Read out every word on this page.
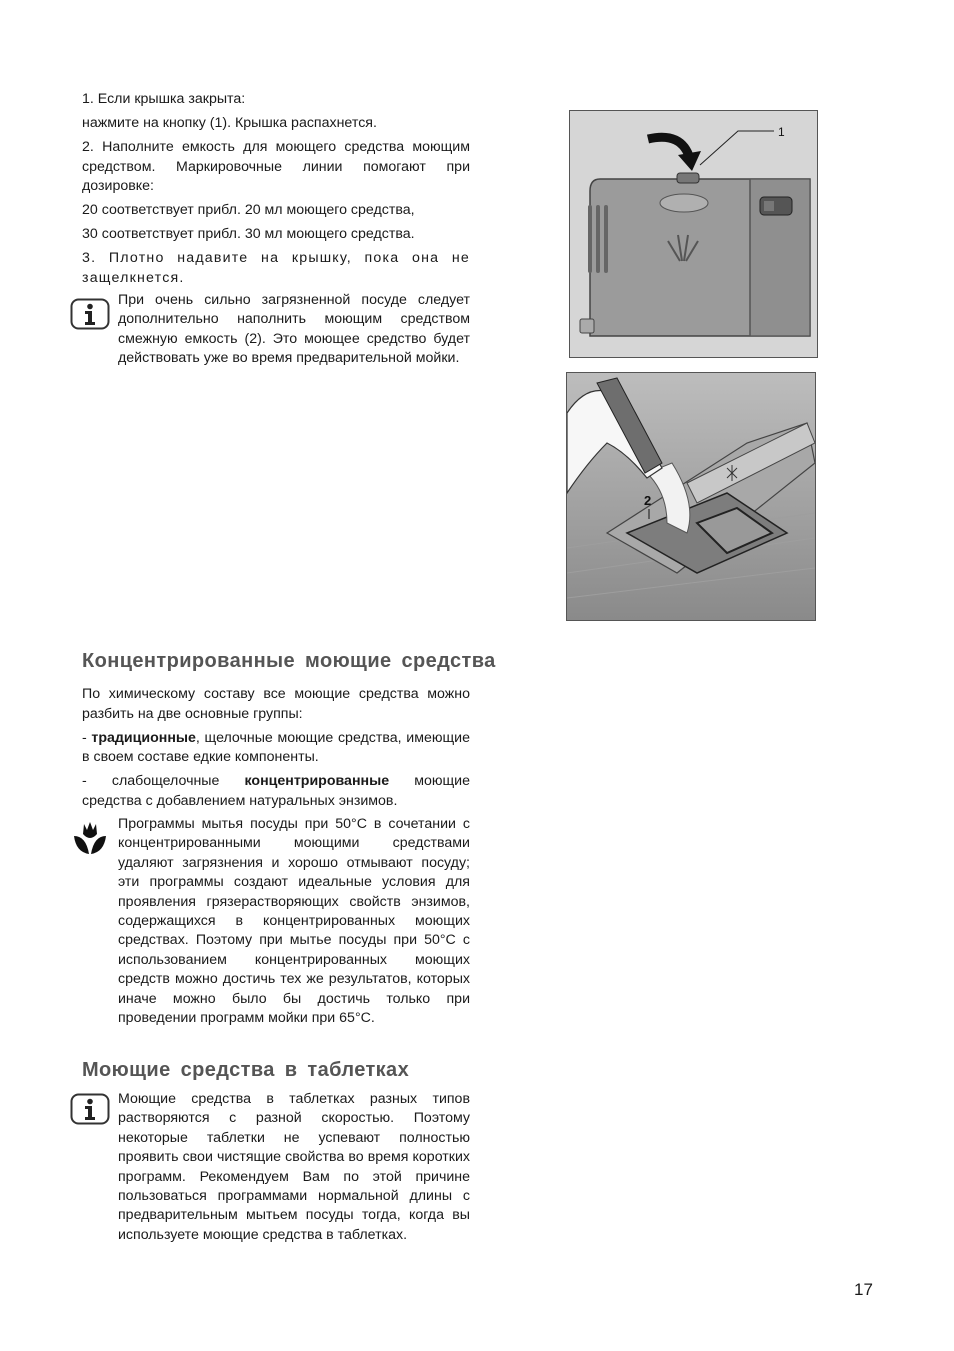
1. Если крышка закрыта:

нажмите на кнопку (1). Крышка распахнется.

2. Наполните емкость для моющего средства моющим средством. Маркировочные линии помогают при дозировке:

20 соответствует прибл. 20 мл моющего средства,

30 соответствует прибл. 30 мл моющего средства.

3. Плотно надавите на крышку, пока она не защелкнется.

При очень сильно загрязненной посуде следует дополнительно наполнить моющим средством смежную емкость (2). Это моющее средство будет действовать уже во время предварительной мойки.
1
2
Концентрированные моющие средства

По химическому составу все моющие средства можно разбить на две основные группы:

- традиционные, щелочные моющие средства, имеющие в своем составе едкие компоненты.

- слабощелочные концентрированные моющие средства с добавлением натуральных энзимов.

Программы мытья посуды при 50°C в сочетании с концентрированными моющими средствами удаляют загрязнения и хорошо отмывают посуду; эти программы создают идеальные условия для проявления грязерастворяющих свойств энзимов, содержащихся в концентрированных моющих средствах. Поэтому при мытье посуды при 50°C с использованием концентрированных моющих средств можно достичь тех же результатов, которых иначе можно было бы достичь только при проведении программ мойки при 65°C.
Моющие средства в таблетках
Моющие средства в таблетках разных типов растворяются с разной скоростью. Поэтому некоторые таблетки не успевают полностью проявить свои чистящие свойства во время коротких программ. Рекомендуем Вам по этой причине пользоваться программами нормальной длины с предварительным мытьем посуды тогда, когда вы используете моющие средства в таблетках.
17
